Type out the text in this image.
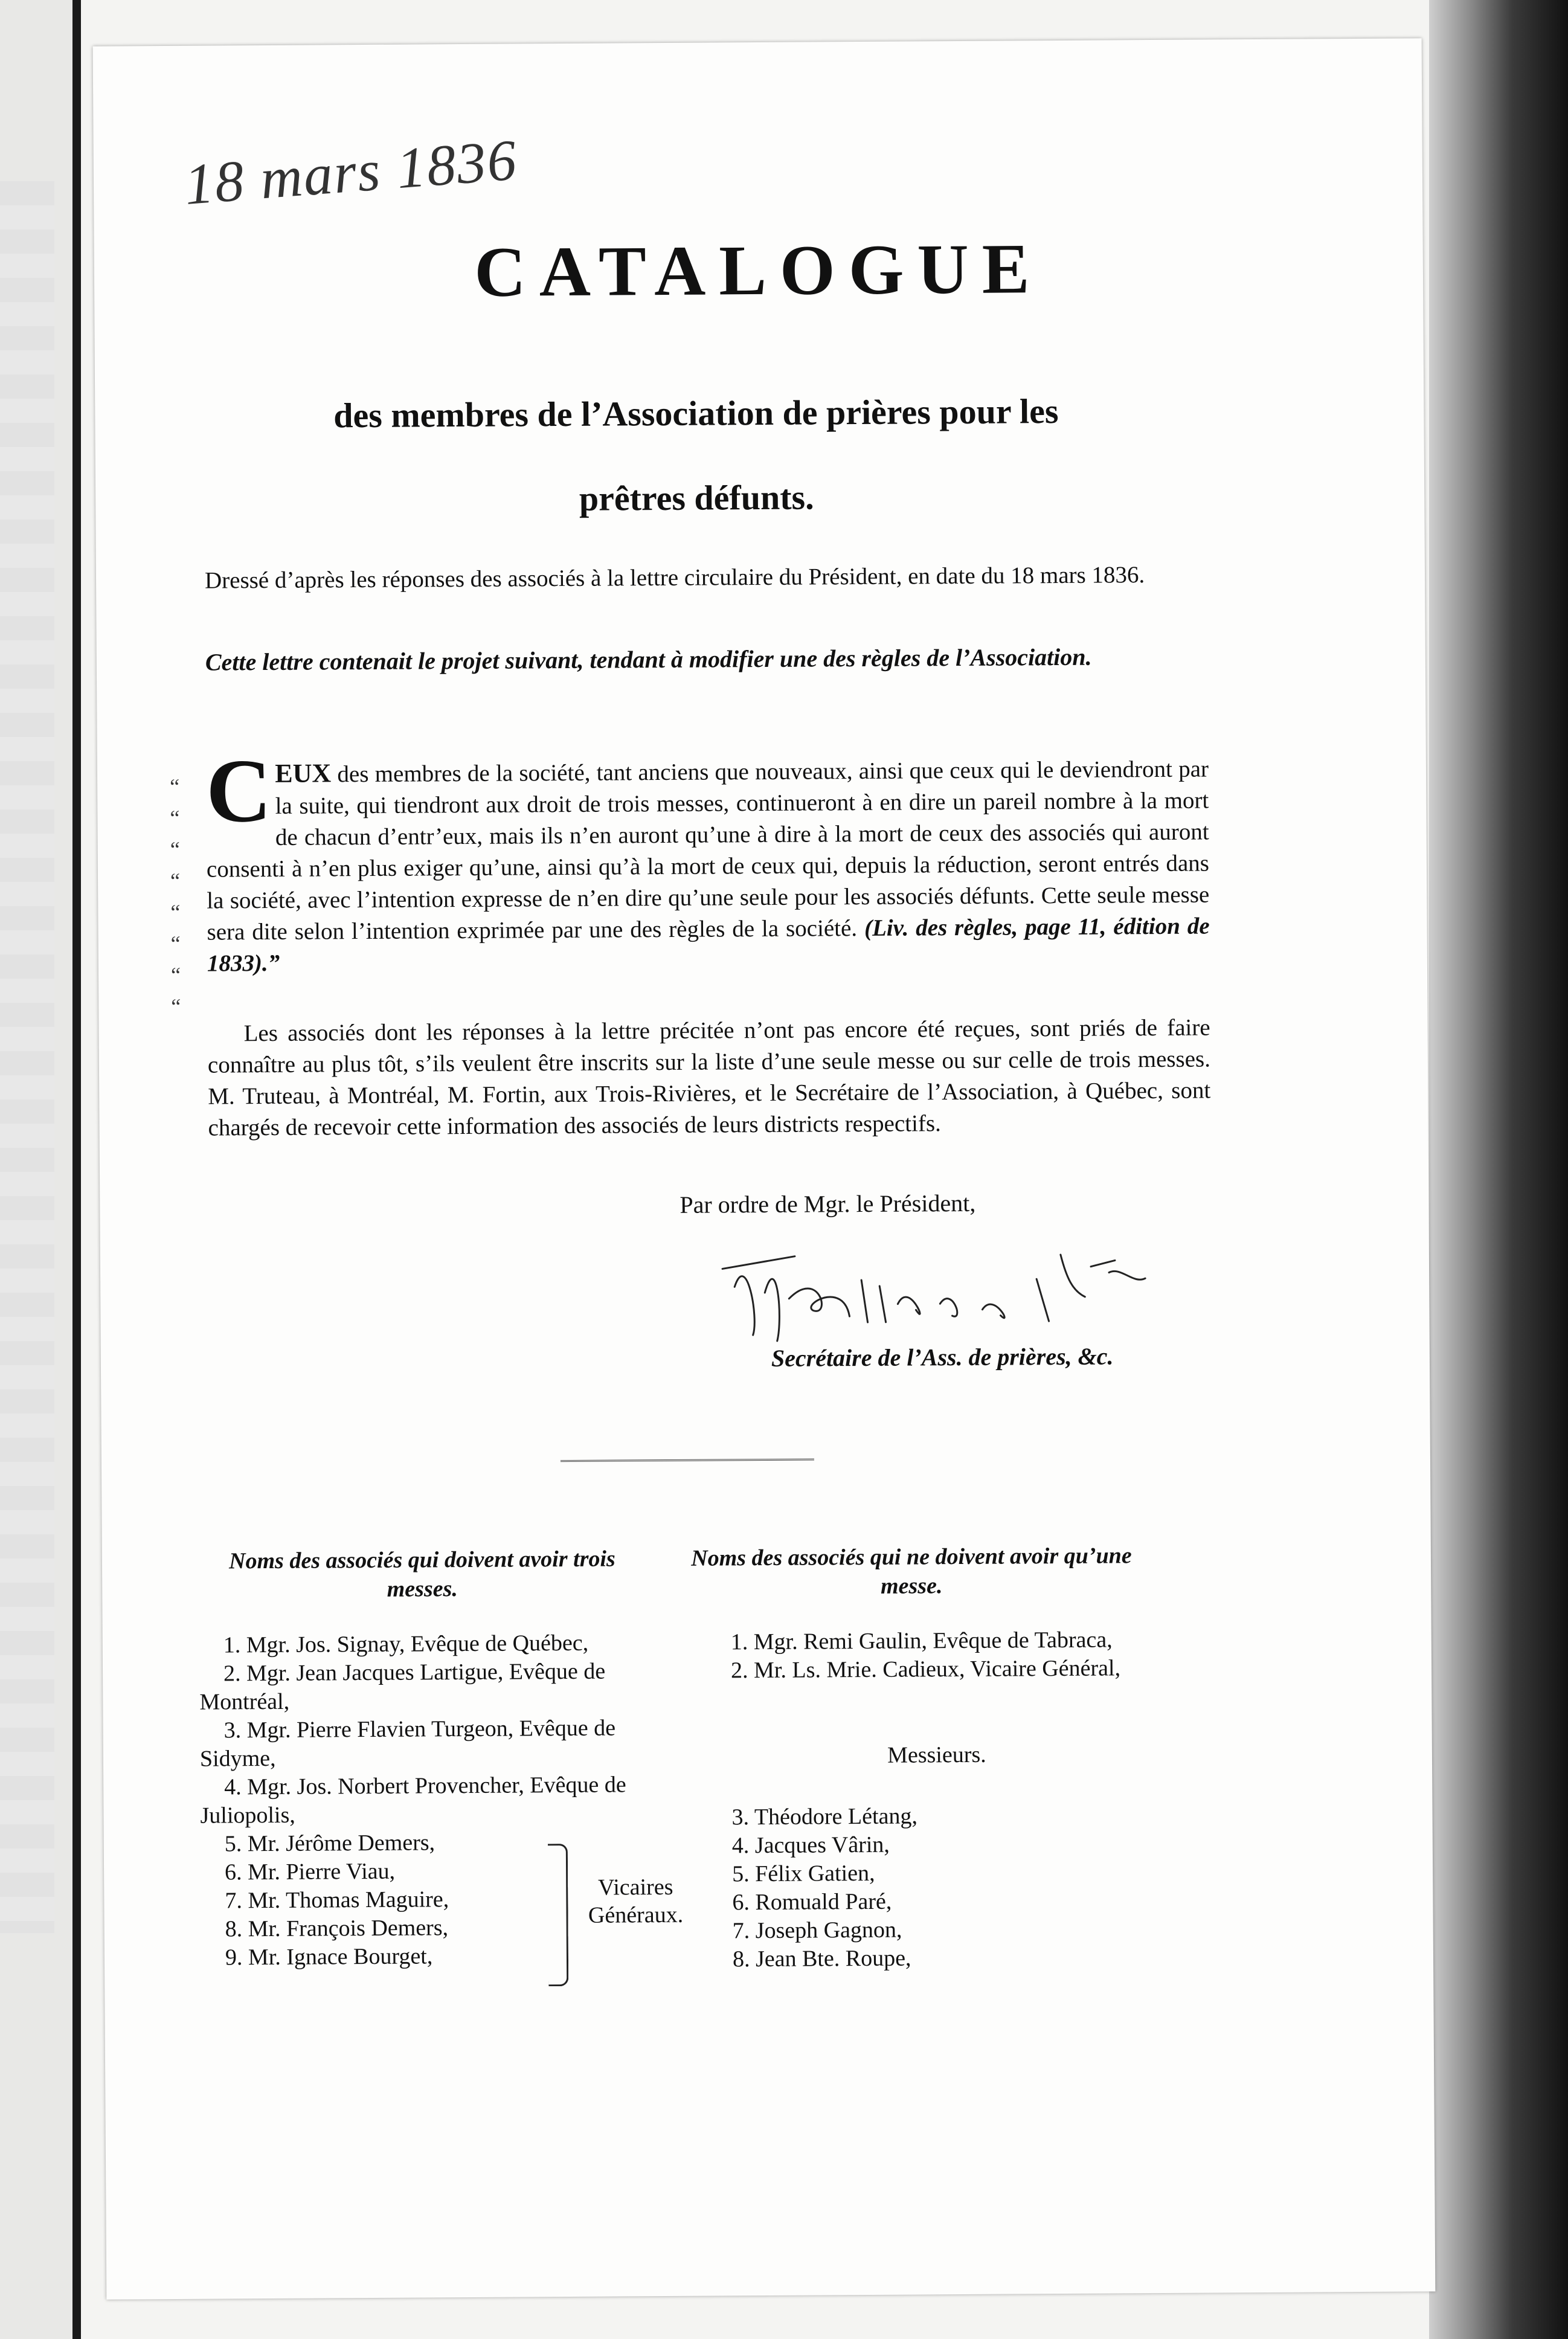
18 mars 1836
CATALOGUE
des membres de l’Association de prières pour les
prêtres défunts.
Dressé d’après les réponses des associés à la lettre circulaire du Président, en date du 18 mars 1836.
Cette lettre contenait le projet suivant, tendant à modifier une des règles de l’Association.
“
“
“
“
“
“
“
“
CEUX des membres de la société, tant anciens que nouveaux, ainsi que ceux qui le deviendront par la suite, qui tiendront aux droit de trois messes, continueront à en dire un pareil nombre à la mort de chacun d’entr’eux, mais ils n’en auront qu’une à dire à la mort de ceux des associés qui auront consenti à n’en plus exiger qu’une, ainsi qu’à la mort de ceux qui, depuis la réduction, seront entrés dans la société, avec l’intention expresse de n’en dire qu’une seule pour les associés défunts. Cette seule messe sera dite selon l’intention exprimée par une des règles de la société. (Liv. des règles, page 11, édition de 1833).”
Les associés dont les réponses à la lettre précitée n’ont pas encore été reçues, sont priés de faire connaître au plus tôt, s’ils veulent être inscrits sur la liste d’une seule messe ou sur celle de trois messes. M. Truteau, à Montréal, M. Fortin, aux Trois-Rivières, et le Secrétaire de l’Association, à Québec, sont chargés de recevoir cette information des associés de leurs districts respectifs.
Par ordre de Mgr. le Président,
Secrétaire de l’Ass. de prières, &c.
Noms des associés qui doivent avoir trois messes.
Noms des associés qui ne doivent avoir qu’une messe.
1. Mgr. Jos. Signay, Evêque de Québec,
2. Mgr. Jean Jacques Lartigue, Evêque de Montréal,
3. Mgr. Pierre Flavien Turgeon, Evêque de Sidyme,
4. Mgr. Jos. Norbert Provencher, Evêque de Juliopolis,
5. Mr. Jérôme Demers,
6. Mr. Pierre Viau,
7. Mr. Thomas Maguire,
8. Mr. François Demers,
9. Mr. Ignace Bourget,
Vicaires Généraux.
1. Mgr. Remi Gaulin, Evêque de Tabraca,
2. Mr. Ls. Mrie. Cadieux, Vicaire Général,
Messieurs.
3. Théodore Létang,
4. Jacques Vârin,
5. Félix Gatien,
6. Romuald Paré,
7. Joseph Gagnon,
8. Jean Bte. Roupe,
